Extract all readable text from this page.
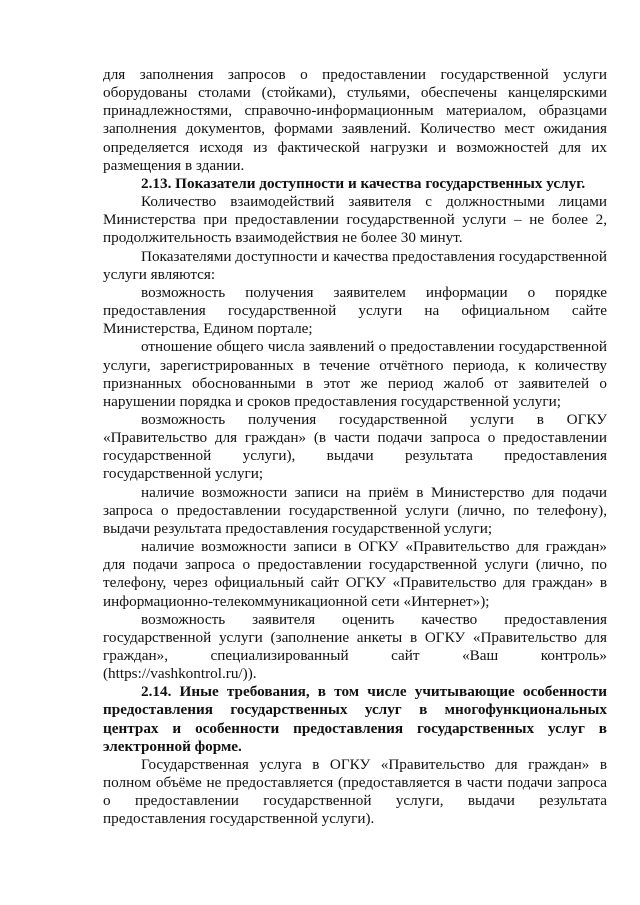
для заполнения запросов о предоставлении государственной услуги оборудованы столами (стойками), стульями, обеспечены канцелярскими принадлежностями, справочно-информационным материалом, образцами заполнения документов, формами заявлений. Количество мест ожидания определяется исходя из фактической нагрузки и возможностей для их размещения в здании.

2.13. Показатели доступности и качества государственных услуг.

Количество взаимодействий заявителя с должностными лицами Министерства при предоставлении государственной услуги – не более 2, продолжительность взаимодействия не более 30 минут.

Показателями доступности и качества предоставления государственной услуги являются:

возможность получения заявителем информации о порядке предоставления государственной услуги на официальном сайте Министерства, Едином портале;

отношение общего числа заявлений о предоставлении государственной услуги, зарегистрированных в течение отчётного периода, к количеству признанных обоснованными в этот же период жалоб от заявителей о нарушении порядка и сроков предоставления государственной услуги;

возможность получения государственной услуги в ОГКУ «Правительство для граждан» (в части подачи запроса о предоставлении государственной услуги), выдачи результата предоставления государственной услуги;

наличие возможности записи на приём в Министерство для подачи запроса о предоставлении государственной услуги (лично, по телефону), выдачи результата предоставления государственной услуги;

наличие возможности записи в ОГКУ «Правительство для граждан» для подачи запроса о предоставлении государственной услуги (лично, по телефону, через официальный сайт ОГКУ «Правительство для граждан» в информационно-телекоммуникационной сети «Интернет»);

возможность заявителя оценить качество предоставления государственной услуги (заполнение анкеты в ОГКУ «Правительство для граждан», специализированный сайт «Ваш контроль» (https://vashkontrol.ru/)).

2.14. Иные требования, в том числе учитывающие особенности предоставления государственных услуг в многофункциональных центрах и особенности предоставления государственных услуг в электронной форме.

Государственная услуга в ОГКУ «Правительство для граждан» в полном объёме не предоставляется (предоставляется в части подачи запроса о предоставлении государственной услуги, выдачи результата предоставления государственной услуги).
